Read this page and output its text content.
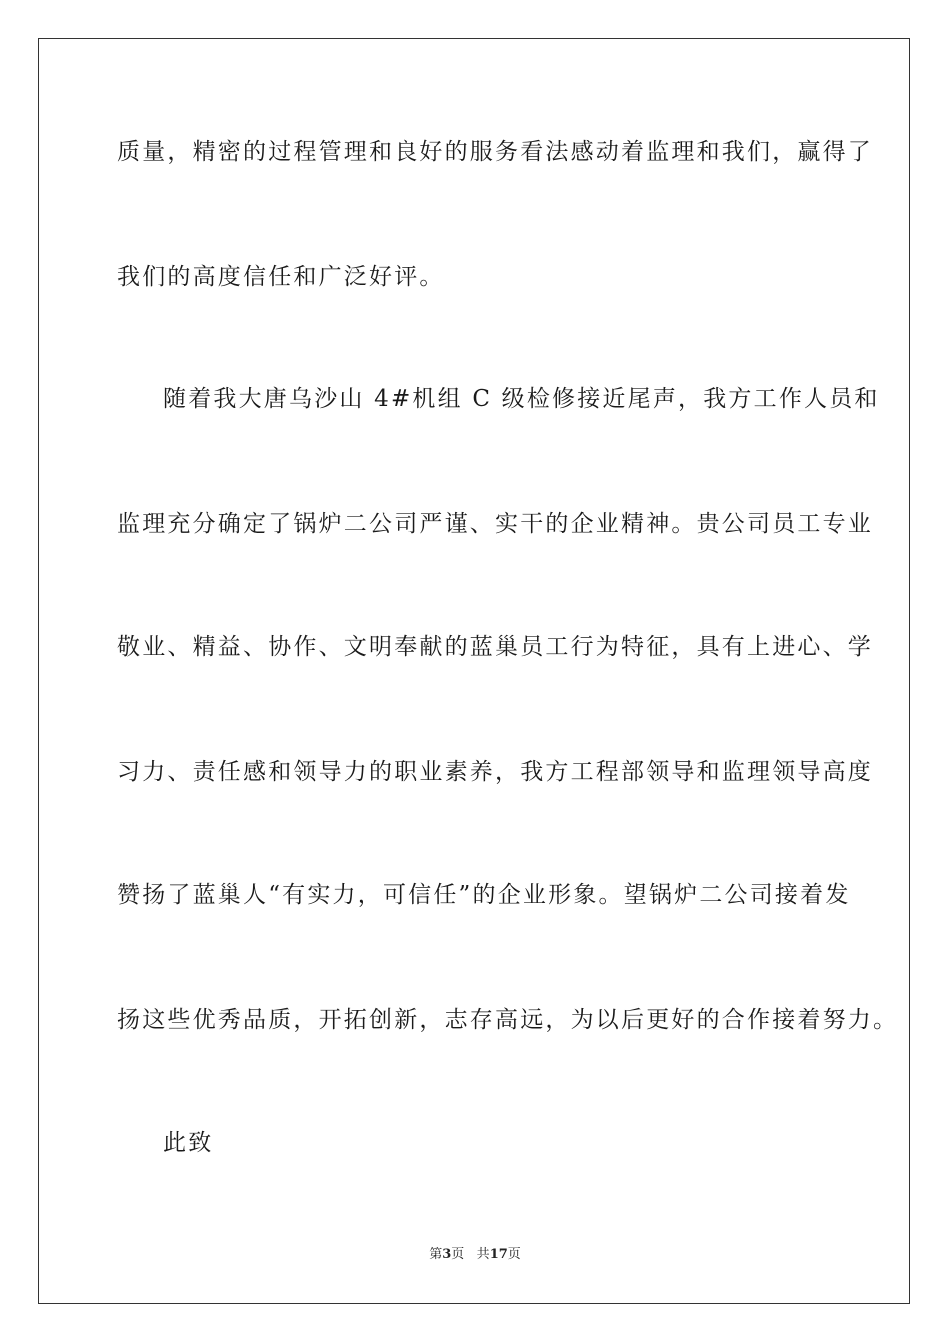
质量，精密的过程管理和良好的服务看法感动着监理和我们，赢得了
我们的高度信任和广泛好评。
随着我大唐乌沙山 4#机组 C 级检修接近尾声，我方工作人员和
监理充分确定了锅炉二公司严谨、实干的企业精神。贵公司员工专业
敬业、精益、协作、文明奉献的蓝巢员工行为特征，具有上进心、学
习力、责任感和领导力的职业素养，我方工程部领导和监理领导高度
赞扬了蓝巢人“有实力，可信任”的企业形象。望锅炉二公司接着发
扬这些优秀品质，开拓创新，志存高远，为以后更好的合作接着努力。
此致
第3页 共17页
